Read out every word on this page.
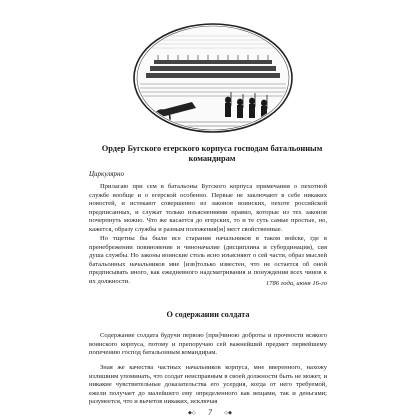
Ордер Бугского егерского корпуса господам батальонным командирам
Циркулярно

Прилагаю при сем в батальоны Бугского корпуса примечания о пехотной службе вообще и о егерской особенно. Первые не заключают в себе никаких новостей, и истекают совершенно из законов воинских, пехоте российской предписанных, и служат только изъяснениями правил, которые из тех законов почерпнуть можно. Что же касается до егерских, то и те суть самые простые, но, кажется, образу службы и разным положения[м] мест свойственные.

Но тщетны бы были все старания начальников в таком войске, где в пренебрежении повиновение и чиноначалие (дисциплина и субординация), сия душа службы. Но законы воинские столь ясно изъясняют о сей части, образ мыслей батальонных начальников мне [изв]только известен, что не остается об оной предписывать иного, как ежедневного надсматривания и понуждения всех чинов к их должности.	1786 года, июня 16-го
О содержании солдата

Содержание солдата будучи первою [при]чиною доброты и прочности всякого воинского корпуса, потому и препоручаю сей важнейший предмет первейшему попечению господ батальонным командирам.

Зная же качества частных начальников корпуса, мне вверенного, нахожу излишним упоминать, что солдат неисправным в своей должности быть не может, и никакие чувствительные доказательства его усердия, когда от него требуемой, ежели получает до малейшего ему определенного как вещами, так и деньгами; разумеется, что и вычетов никаких, исключая

◆◇	7	◇◆
